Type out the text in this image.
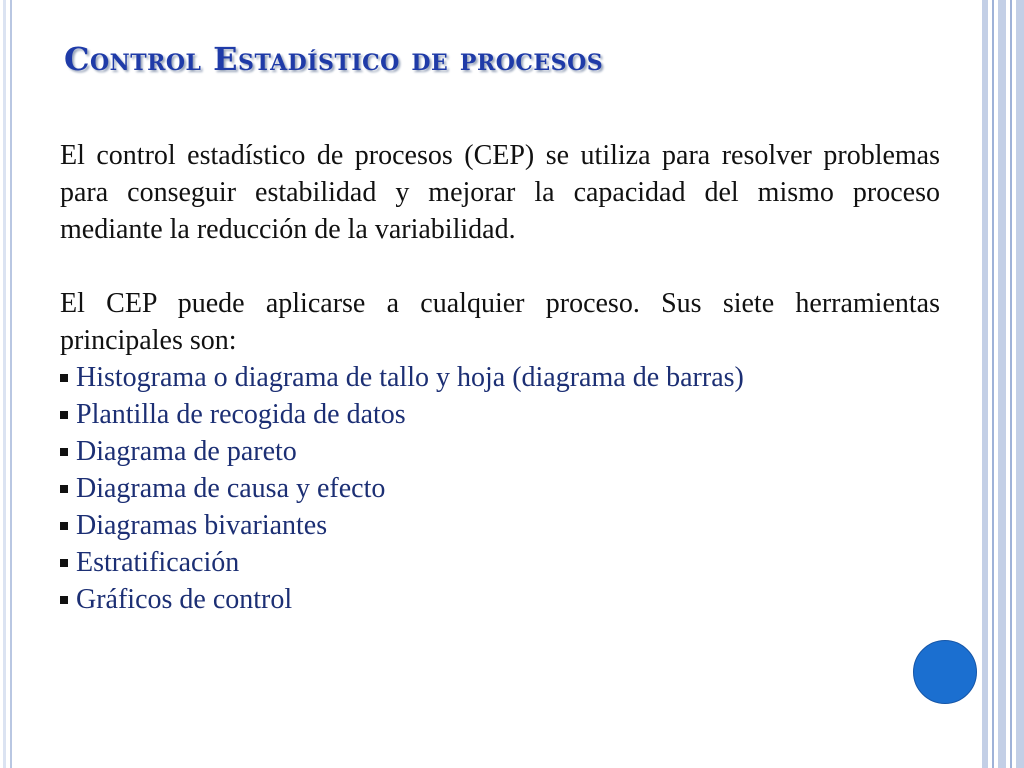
Control Estadístico de procesos

El control estadístico de procesos (CEP) se utiliza para resolver problemas para conseguir estabilidad y mejorar la capacidad del mismo proceso mediante la reducción de la variabilidad.

El CEP puede aplicarse a cualquier proceso. Sus siete herramientas principales son:

Histograma o diagrama de tallo y hoja (diagrama de barras)
Plantilla de recogida de datos
Diagrama de pareto
Diagrama de causa y efecto
Diagramas bivariantes
Estratificación
Gráficos de control
